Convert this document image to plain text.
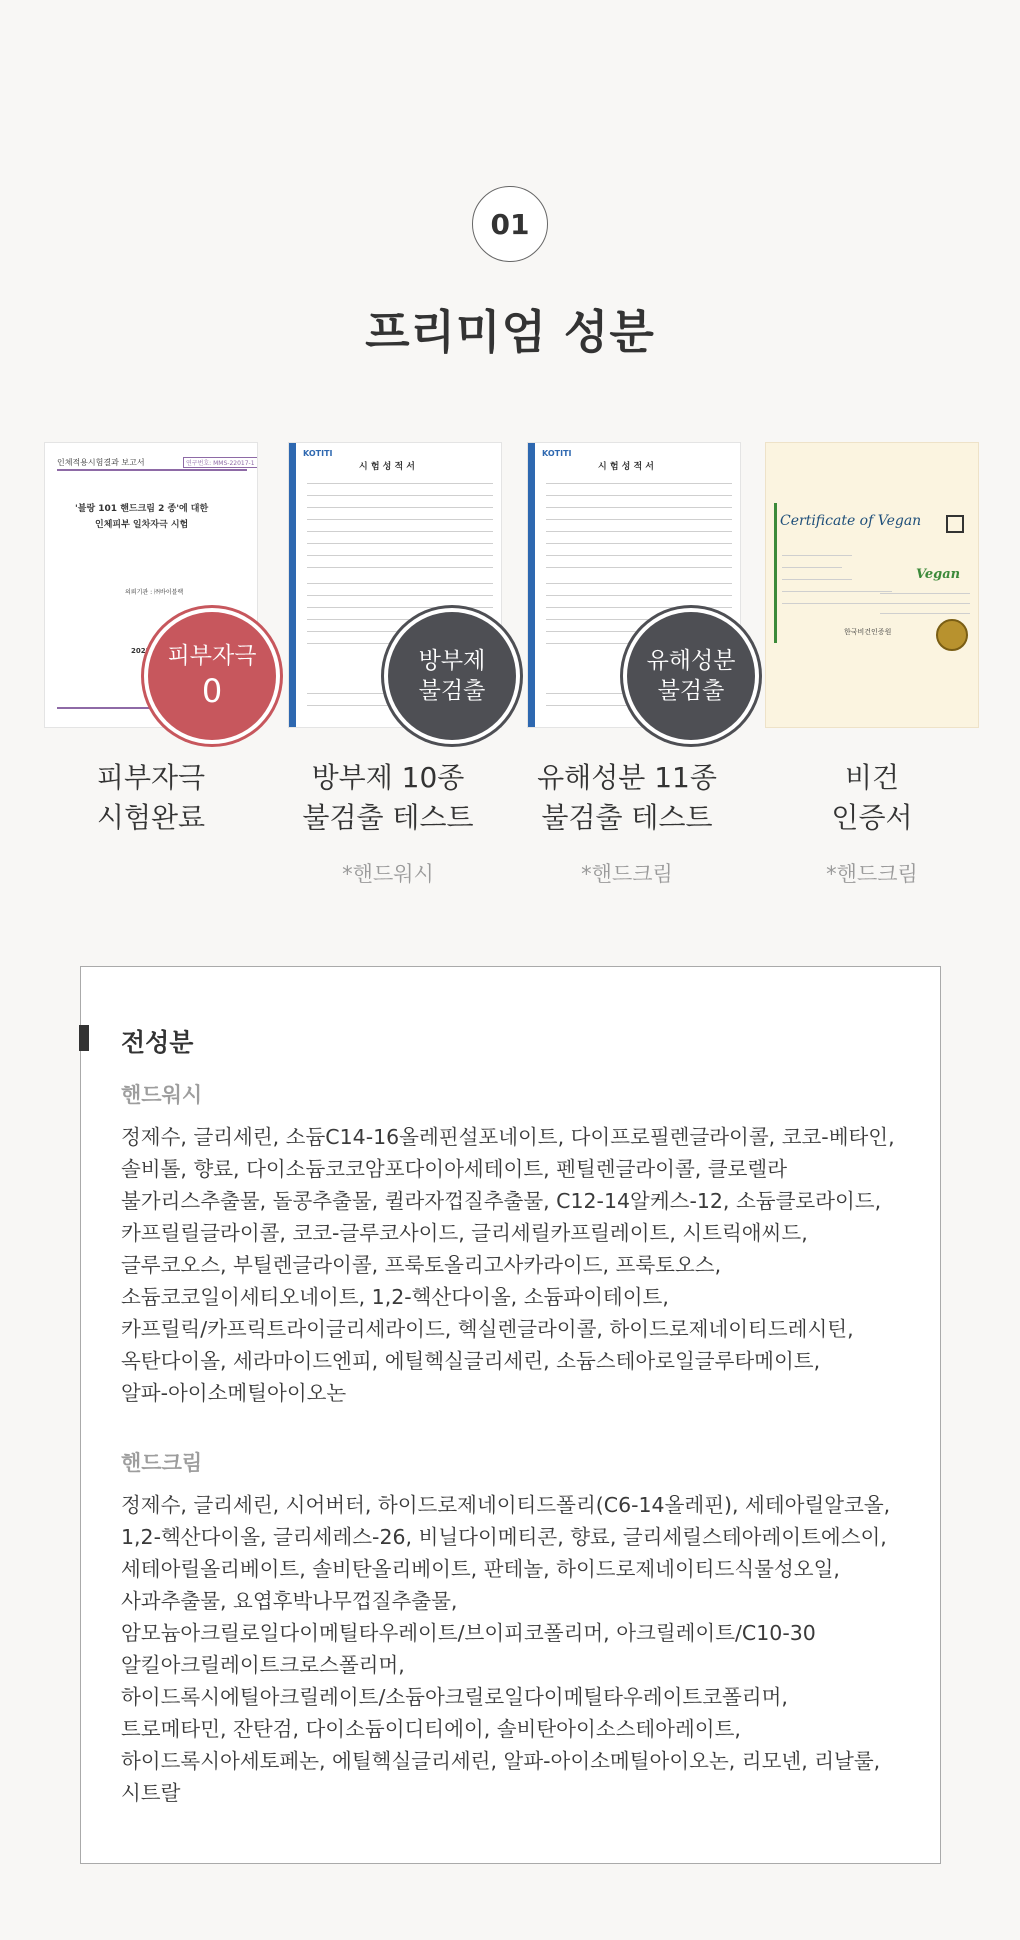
01
프리미엄 성분
인체적용시험결과 보고서	연구번호: MMS-22017-1
'블랑 101 핸드크림 2 종'에 대한
인체피부 일차자극 시험
의뢰기관 : ㈜바이블랙
2022 피부자극
0
피부자극
시험완료
KOTITI
시 험 성 적 서
방부제
불검출
방부제 10종
불검출 테스트
*핸드워시
KOTITI
시 험 성 적 서
유해성분
불검출
유해성분 11종
불검출 테스트
*핸드크림
Certificate of Vegan
Vegan
한국비건인증원
비건
인증서
*핸드크림
전성분
핸드워시
정제수, 글리세린, 소듐C14-16올레핀설포네이트, 다이프로필렌글라이콜, 코코-베타인,
솔비톨, 향료, 다이소듐코코암포다이아세테이트, 펜틸렌글라이콜, 클로렐라
불가리스추출물, 돌콩추출물, 퀼라자껍질추출물, C12-14알케스-12, 소듐클로라이드,
카프릴릴글라이콜, 코코-글루코사이드, 글리세릴카프릴레이트, 시트릭애씨드,
글루코오스, 부틸렌글라이콜, 프룩토올리고사카라이드, 프룩토오스,
소듐코코일이세티오네이트, 1,2-헥산다이올, 소듐파이테이트,
카프릴릭/카프릭트라이글리세라이드, 헥실렌글라이콜, 하이드로제네이티드레시틴,
옥탄다이올, 세라마이드엔피, 에틸헥실글리세린, 소듐스테아로일글루타메이트,
알파-아이소메틸아이오논
핸드크림
정제수, 글리세린, 시어버터, 하이드로제네이티드폴리(C6-14올레핀), 세테아릴알코올,
1,2-헥산다이올, 글리세레스-26, 비닐다이메티콘, 향료, 글리세릴스테아레이트에스이,
세테아릴올리베이트, 솔비탄올리베이트, 판테놀, 하이드로제네이티드식물성오일,
사과추출물, 요엽후박나무껍질추출물,
암모늄아크릴로일다이메틸타우레이트/브이피코폴리머, 아크릴레이트/C10-30
알킬아크릴레이트크로스폴리머,
하이드록시에틸아크릴레이트/소듐아크릴로일다이메틸타우레이트코폴리머,
트로메타민, 잔탄검, 다이소듐이디티에이, 솔비탄아이소스테아레이트,
하이드록시아세토페논, 에틸헥실글리세린, 알파-아이소메틸아이오논, 리모넨, 리날룰,
시트랄
